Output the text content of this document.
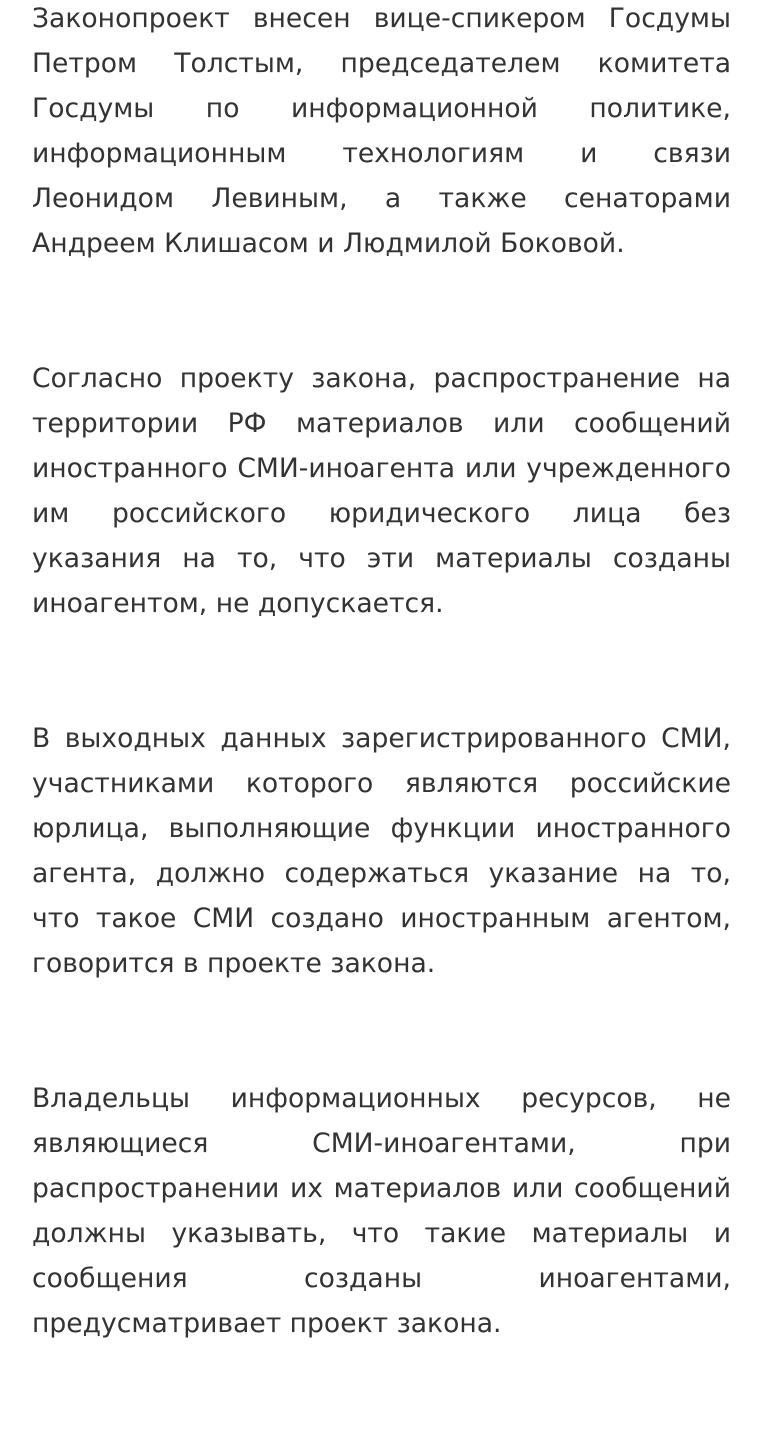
Законопроект внесен вице-спикером Госдумы Петром Толстым, председателем комитета Госдумы по информационной политике, информационным технологиям и связи Леонидом Левиным, а также сенаторами Андреем Клишасом и Людмилой Боковой.

Согласно проекту закона, распространение на территории РФ материалов или сообщений иностранного СМИ-иноагента или учрежденного им российского юридического лица без указания на то, что эти материалы созданы иноагентом, не допускается.

В выходных данных зарегистрированного СМИ, участниками которого являются российские юрлица, выполняющие функции иностранного агента, должно содержаться указание на то, что такое СМИ создано иностранным агентом, говорится в проекте закона.

Владельцы информационных ресурсов, не являющиеся СМИ-иноагентами, при распространении их материалов или сообщений должны указывать, что такие материалы и сообщения созданы иноагентами, предусматривает проект закона.
